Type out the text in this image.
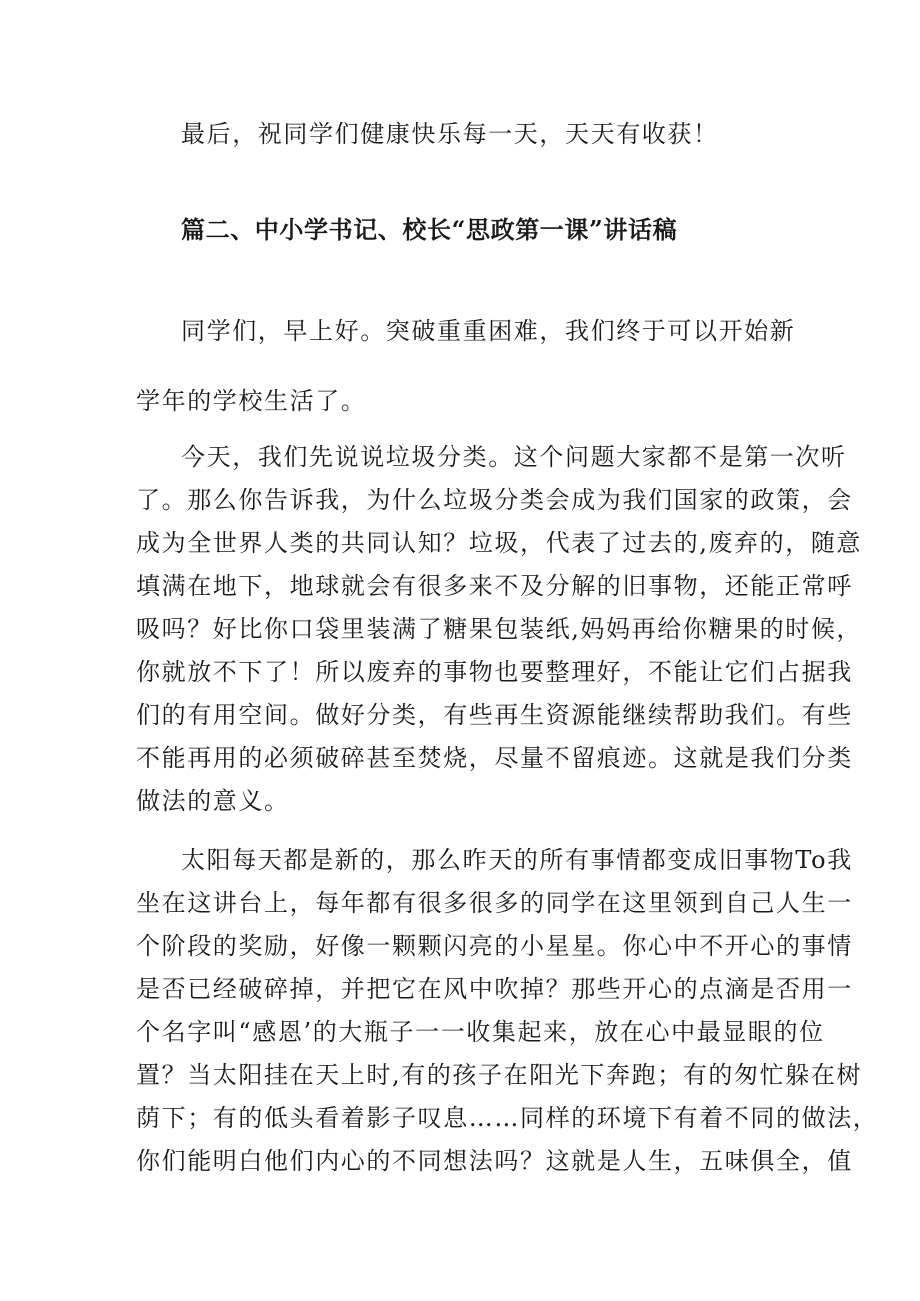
最后，祝同学们健康快乐每一天，天天有收获！
篇二、中小学书记、校长“思政第一课”讲话稿
同学们，早上好。突破重重困难，我们终于可以开始新
学年的学校生活了。
今天，我们先说说垃圾分类。这个问题大家都不是第一次听
了。那么你告诉我，为什么垃圾分类会成为我们国家的政策，会
成为全世界人类的共同认知？垃圾，代表了过去的,废弃的，随意
填满在地下，地球就会有很多来不及分解的旧事物，还能正常呼
吸吗？好比你口袋里装满了糖果包装纸,妈妈再给你糖果的时候，
你就放不下了！所以废弃的事物也要整理好，不能让它们占据我
们的有用空间。做好分类，有些再生资源能继续帮助我们。有些
不能再用的必须破碎甚至焚烧，尽量不留痕迹。这就是我们分类
做法的意义。
太阳每天都是新的，那么昨天的所有事情都变成旧事物To我
坐在这讲台上，每年都有很多很多的同学在这里领到自己人生一
个阶段的奖励，好像一颗颗闪亮的小星星。你心中不开心的事情
是否已经破碎掉，并把它在风中吹掉？那些开心的点滴是否用一
个名字叫“感恩’的大瓶子一一收集起来，放在心中最显眼的位
置？当太阳挂在天上时,有的孩子在阳光下奔跑；有的匆忙躲在树
荫下；有的低头看着影子叹息……同样的环境下有着不同的做法，
你们能明白他们内心的不同想法吗？这就是人生，五味俱全，值
